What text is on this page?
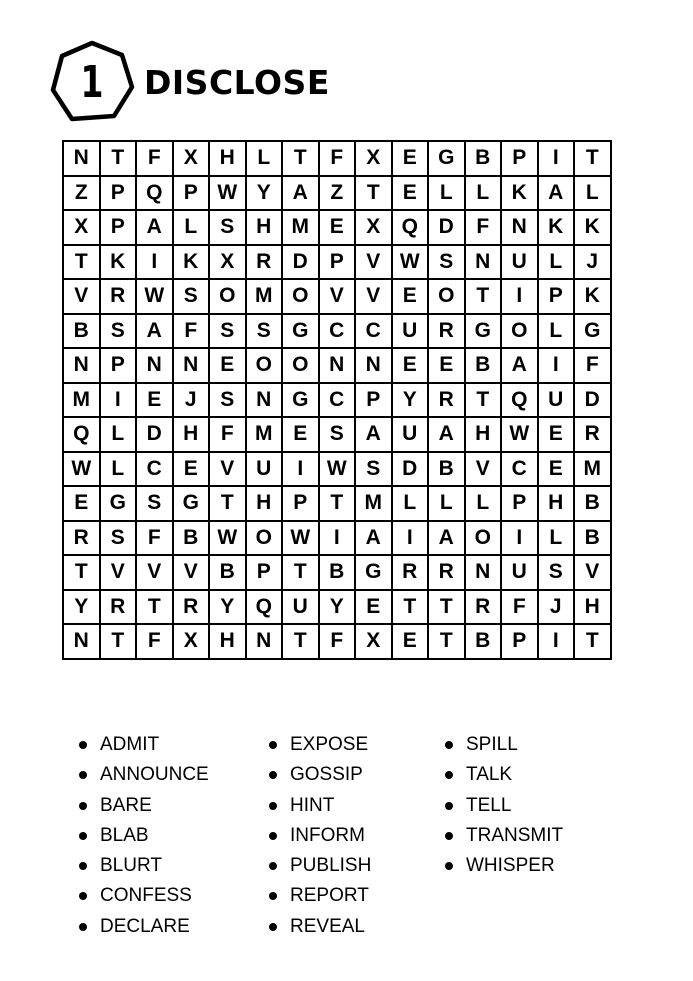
1	DISCLOSE
N	T	F	X	H	L	T	F	X	E	G	B	P	I	T
Z	P	Q	P	W	Y	A	Z	T	E	L	L	K	A	L
X	P	A	L	S	H	M	E	X	Q	D	F	N	K	K
T	K	I	K	X	R	D	P	V	W	S	N	U	L	J
V	R	W	S	O	M	O	V	V	E	O	T	I	P	K
B	S	A	F	S	S	G	C	C	U	R	G	O	L	G
N	P	N	N	E	O	O	N	N	E	E	B	A	I	F
M	I	E	J	S	N	G	C	P	Y	R	T	Q	U	D
Q	L	D	H	F	M	E	S	A	U	A	H	W	E	R
W	L	C	E	V	U	I	W	S	D	B	V	C	E	M
E	G	S	G	T	H	P	T	M	L	L	L	P	H	B
R	S	F	B	W	O	W	I	A	I	A	O	I	L	B
T	V	V	V	B	P	T	B	G	R	R	N	U	S	V
Y	R	T	R	Y	Q	U	Y	E	T	T	R	F	J	H
N	T	F	X	H	N	T	F	X	E	T	B	P	I	T
ADMIT
ANNOUNCE
BARE
BLAB
BLURT
CONFESS
DECLARE
EXPOSE
GOSSIP
HINT
INFORM
PUBLISH
REPORT
REVEAL
SPILL
TALK
TELL
TRANSMIT
WHISPER
